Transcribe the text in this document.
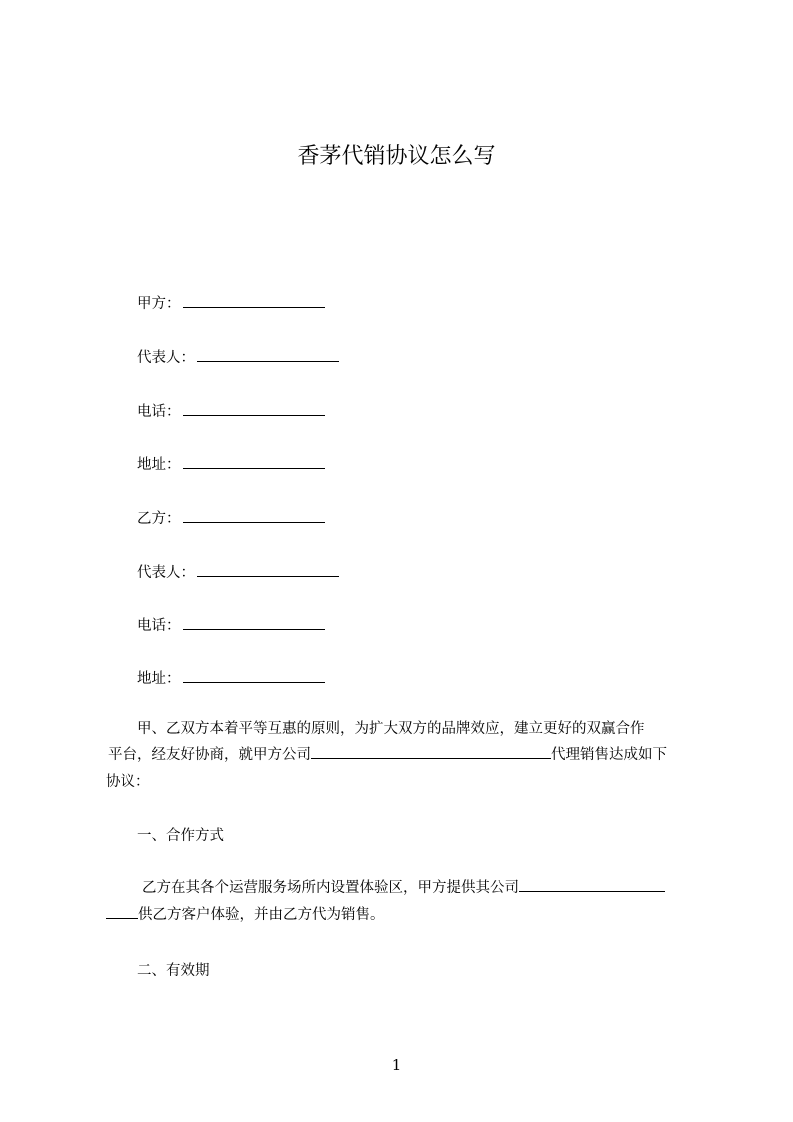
香茅代销协议怎么写
甲方：
代表人：
电话：
地址：
乙方：
代表人：
电话：
地址：
甲、乙双方本着平等互惠的原则，为扩大双方的品牌效应，建立更好的双赢合作
平台，经友好协商，就甲方公司	代理销售达成如下
协议：
一、合作方式
乙方在其各个运营服务场所内设置体验区，甲方提供其公司
供乙方客户体验，并由乙方代为销售。
二、有效期
1
